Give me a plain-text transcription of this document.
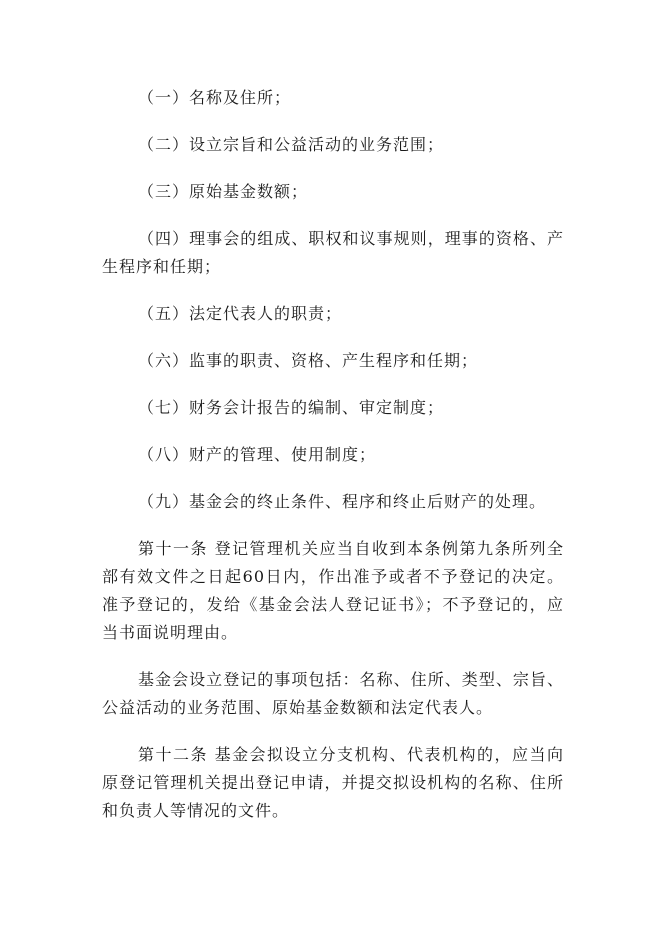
（一）名称及住所；

（二）设立宗旨和公益活动的业务范围；

（三）原始基金数额；

（四）理事会的组成、职权和议事规则，理事的资格、产生程序和任期；

（五）法定代表人的职责；

（六）监事的职责、资格、产生程序和任期；

（七）财务会计报告的编制、审定制度；

（八）财产的管理、使用制度；

（九）基金会的终止条件、程序和终止后财产的处理。

第十一条 登记管理机关应当自收到本条例第九条所列全部有效文件之日起60日内，作出准予或者不予登记的决定。准予登记的，发给《基金会法人登记证书》；不予登记的，应当书面说明理由。

基金会设立登记的事项包括：名称、住所、类型、宗旨、公益活动的业务范围、原始基金数额和法定代表人。

第十二条 基金会拟设立分支机构、代表机构的，应当向原登记管理机关提出登记申请，并提交拟设机构的名称、住所和负责人等情况的文件。
